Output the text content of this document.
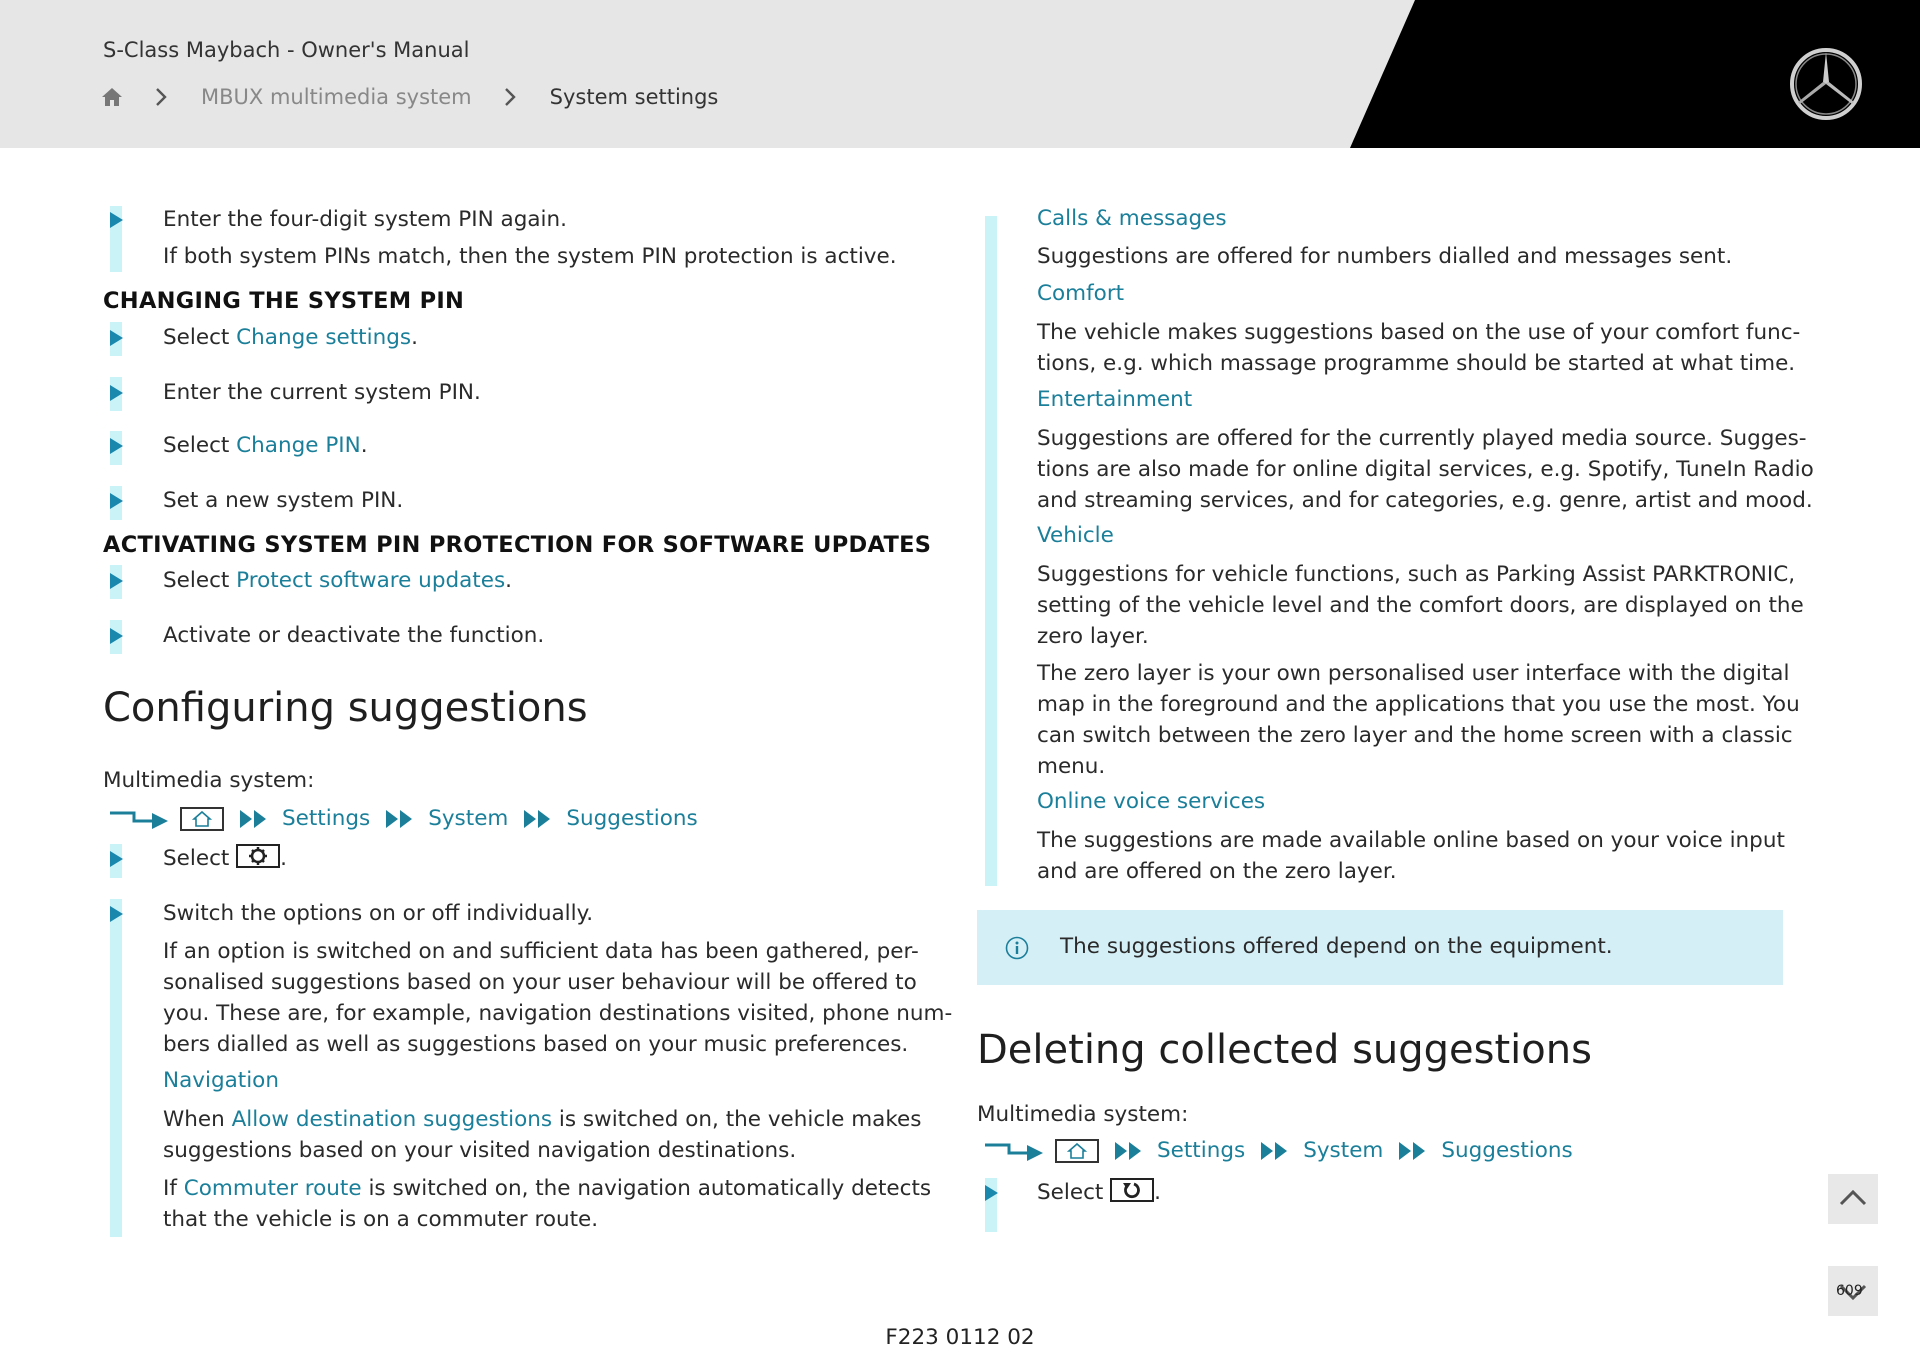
S-Class Maybach - Owner's Manual
MBUX multimedia system	System settings
Enter the four-digit system PIN again.
If both system PINs match, then the system PIN protection is active.
CHANGING THE SYSTEM PIN
Select Change settings.
Enter the current system PIN.
Select Change PIN.
Set a new system PIN.
ACTIVATING SYSTEM PIN PROTECTION FOR SOFTWARE UPDATES
Select Protect software updates.
Activate or deactivate the function.
Configuring suggestions
Multimedia system:
Settings	System	Suggestions
Select .
Switch the options on or off individually.
If an option is switched on and sufficient data has been gathered, per-
sonalised suggestions based on your user behaviour will be offered to
you. These are, for example, navigation destinations visited, phone num-
bers dialled as well as suggestions based on your music preferences.
Navigation
When Allow destination suggestions is switched on, the vehicle makes
suggestions based on your visited navigation destinations.
If Commuter route is switched on, the navigation automatically detects
that the vehicle is on a commuter route.
Calls & messages
Suggestions are offered for numbers dialled and messages sent.
Comfort
The vehicle makes suggestions based on the use of your comfort func-
tions, e.g. which massage programme should be started at what time.
Entertainment
Suggestions are offered for the currently played media source. Sugges-
tions are also made for online digital services, e.g. Spotify, TuneIn Radio
and streaming services, and for categories, e.g. genre, artist and mood.
Vehicle
Suggestions for vehicle functions, such as Parking Assist PARKTRONIC,
setting of the vehicle level and the comfort doors, are displayed on the
zero layer.
The zero layer is your own personalised user interface with the digital
map in the foreground and the applications that you use the most. You
can switch between the zero layer and the home screen with a classic
menu.
Online voice services
The suggestions are made available online based on your voice input
and are offered on the zero layer.
The suggestions offered depend on the equipment.
Deleting collected suggestions
Multimedia system:
Settings	System	Suggestions
Select .
609
F223 0112 02
